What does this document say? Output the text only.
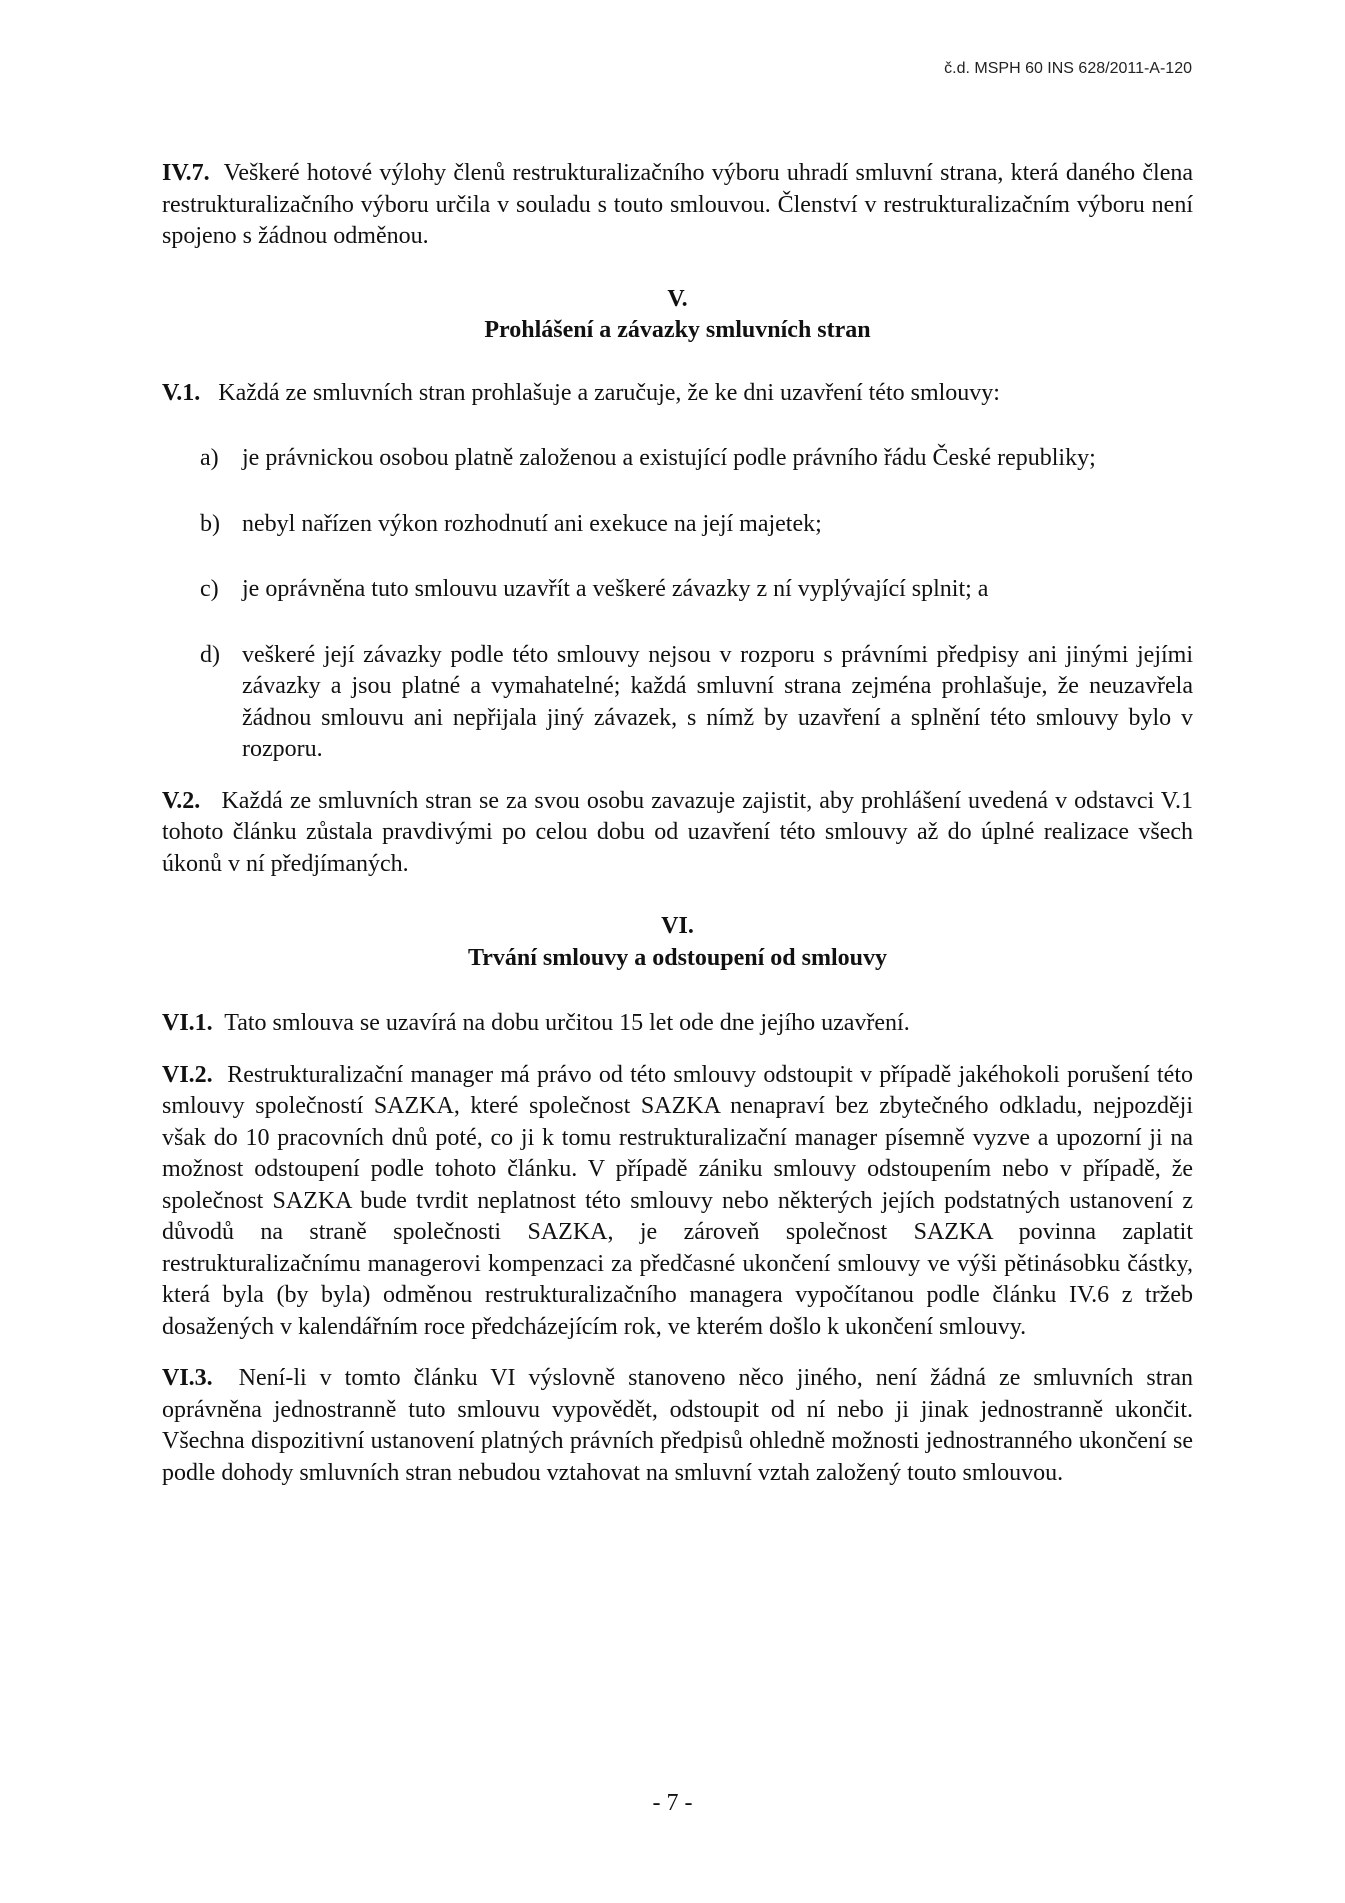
č.d. MSPH 60 INS 628/2011-A-120

IV.7. Veškeré hotové výlohy členů restrukturalizačního výboru uhradí smluvní strana, která daného člena restrukturalizačního výboru určila v souladu s touto smlouvou. Členství v restrukturalizačním výboru není spojeno s žádnou odměnou.

V.

Prohlášení a závazky smluvních stran

V.1. Každá ze smluvních stran prohlašuje a zaručuje, že ke dni uzavření této smlouvy:

a) je právnickou osobou platně založenou a existující podle právního řádu České republiky;
b) nebyl nařízen výkon rozhodnutí ani exekuce na její majetek;
c) je oprávněna tuto smlouvu uzavřít a veškeré závazky z ní vyplývající splnit; a
d) veškeré její závazky podle této smlouvy nejsou v rozporu s právními předpisy ani jinými jejími závazky a jsou platné a vymahatelné; každá smluvní strana zejména prohlašuje, že neuzavřela žádnou smlouvu ani nepřijala jiný závazek, s nímž by uzavření a splnění této smlouvy bylo v rozporu.

V.2. Každá ze smluvních stran se za svou osobu zavazuje zajistit, aby prohlášení uvedená v odstavci V.1 tohoto článku zůstala pravdivými po celou dobu od uzavření této smlouvy až do úplné realizace všech úkonů v ní předjímaných.

VI.

Trvání smlouvy a odstoupení od smlouvy

VI.1. Tato smlouva se uzavírá na dobu určitou 15 let ode dne jejího uzavření.

VI.2. Restrukturalizační manager má právo od této smlouvy odstoupit v případě jakéhokoli porušení této smlouvy společností SAZKA, které společnost SAZKA nenapraví bez zbytečného odkladu, nejpozději však do 10 pracovních dnů poté, co ji k tomu restrukturalizační manager písemně vyzve a upozorní ji na možnost odstoupení podle tohoto článku. V případě zániku smlouvy odstoupením nebo v případě, že společnost SAZKA bude tvrdit neplatnost této smlouvy nebo některých jejích podstatných ustanovení z důvodů na straně společnosti SAZKA, je zároveň společnost SAZKA povinna zaplatit restrukturalizačnímu managerovi kompenzaci za předčasné ukončení smlouvy ve výši pětinásobku částky, která byla (by byla) odměnou restrukturalizačního managera vypočítanou podle článku IV.6 z tržeb dosažených v kalendářním roce předcházejícím rok, ve kterém došlo k ukončení smlouvy.

VI.3. Není-li v tomto článku VI výslovně stanoveno něco jiného, není žádná ze smluvních stran oprávněna jednostranně tuto smlouvu vypovědět, odstoupit od ní nebo ji jinak jednostranně ukončit. Všechna dispozitivní ustanovení platných právních předpisů ohledně možnosti jednostranného ukončení se podle dohody smluvních stran nebudou vztahovat na smluvní vztah založený touto smlouvou.

- 7 -
